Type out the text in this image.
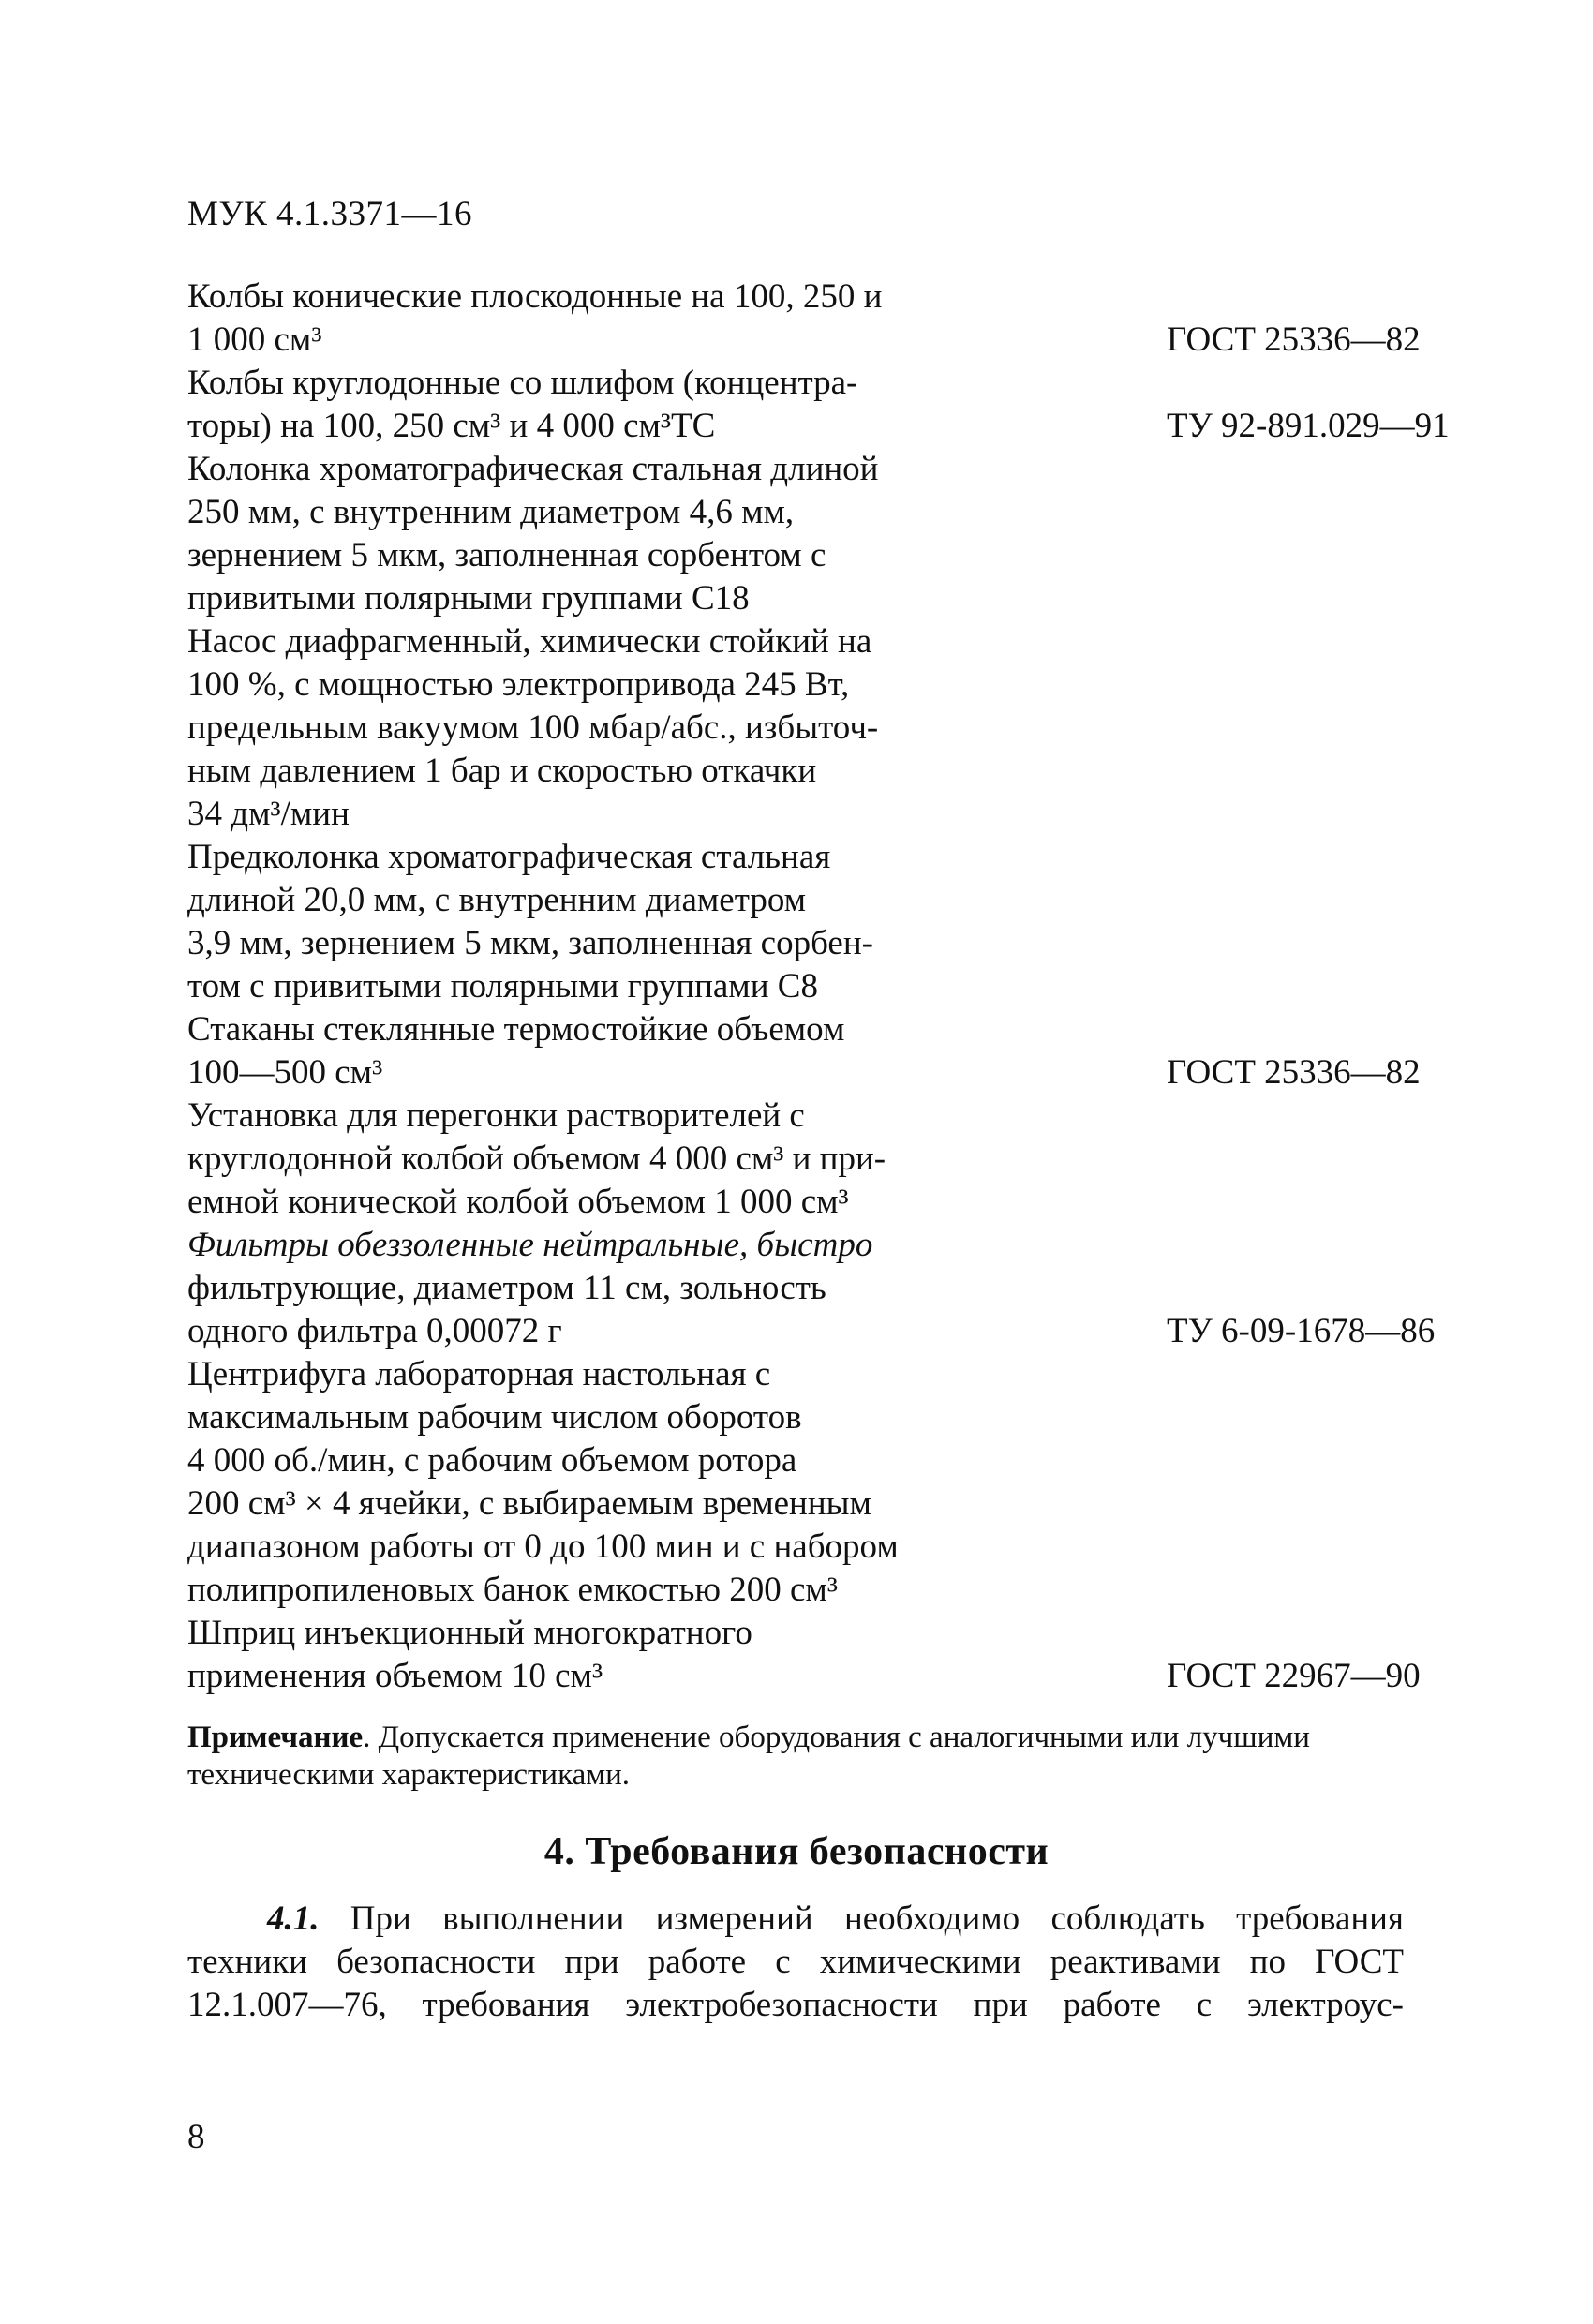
МУК 4.1.3371—16
Колбы конические плоскодонные на 100, 250 и
1 000 см³	ГОСТ 25336—82
Колбы круглодонные со шлифом (концентра-
торы) на 100, 250 см³ и 4 000 см³ТС	ТУ 92-891.029—91
Колонка хроматографическая стальная длиной
250 мм, с внутренним диаметром 4,6 мм,
зернением 5 мкм, заполненная сорбентом с
привитыми полярными группами C18
Насос диафрагменный, химически стойкий на
100 %, с мощностью электропривода 245 Вт,
предельным вакуумом 100 мбар/абс., избыточ-
ным давлением 1 бар и скоростью откачки
34 дм³/мин
Предколонка хроматографическая стальная
длиной 20,0 мм, с внутренним диаметром
3,9 мм, зернением 5 мкм, заполненная сорбен-
том с привитыми полярными группами C8
Стаканы стеклянные термостойкие объемом
100—500 см³	ГОСТ 25336—82
Установка для перегонки растворителей с
круглодонной колбой объемом 4 000 см³ и при-
емной конической колбой объемом 1 000 см³
Фильтры обеззоленные нейтральные, быстро
фильтрующие, диаметром 11 см, зольность
одного фильтра 0,00072 г	ТУ 6-09-1678—86
Центрифуга лабораторная настольная с
максимальным рабочим числом оборотов
4 000 об./мин, с рабочим объемом ротора
200 см³ × 4 ячейки, с выбираемым временным
диапазоном работы от 0 до 100 мин и с набором
полипропиленовых банок емкостью 200 см³
Шприц инъекционный многократного
применения объемом 10 см³	ГОСТ 22967—90
Примечание. Допускается применение оборудования с аналогичными или лучшими техническими характеристиками.
4. Требования безопасности
4.1. При выполнении измерений необходимо соблюдать требования
техники безопасности при работе с химическими реактивами по ГОСТ
12.1.007—76, требования электробезопасности при работе с электроус-
8
